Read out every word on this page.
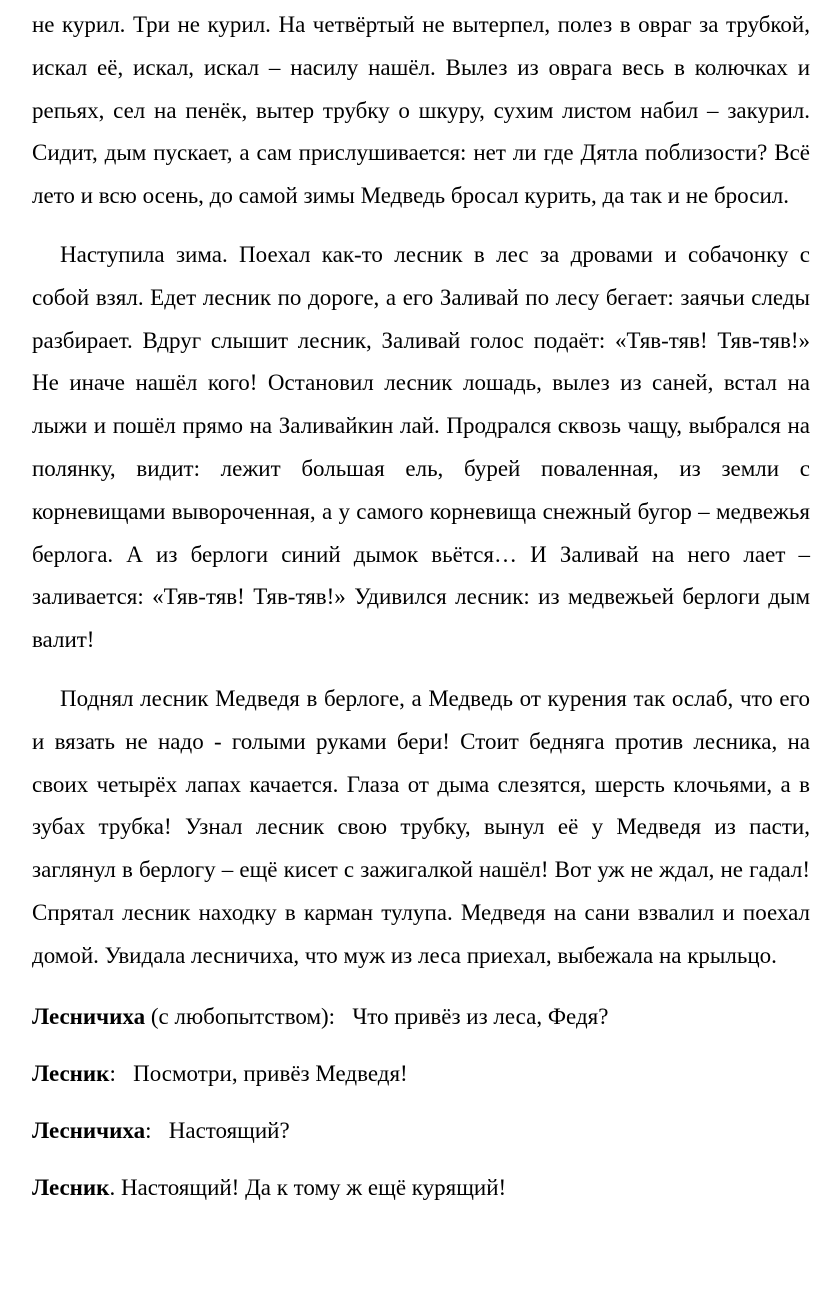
не курил. Три не курил. На четвёртый не вытерпел, полез в овраг за трубкой, искал её, искал, искал – насилу нашёл. Вылез из оврага весь в колючках и репьях, сел на пенёк, вытер трубку о шкуру, сухим листом набил – закурил. Сидит, дым пускает, а сам прислушивается: нет ли где Дятла поблизости? Всё лето и всю осень, до самой зимы Медведь бросал курить, да так и не бросил.

Наступила зима. Поехал как-то лесник в лес за дровами и собачонку с собой взял. Едет лесник по дороге, а его Заливай по лесу бегает: заячьи следы разбирает. Вдруг слышит лесник, Заливай голос подаёт: «Тяв-тяв! Тяв-тяв!» Не иначе нашёл кого! Остановил лесник лошадь, вылез из саней, встал на лыжи и пошёл прямо на Заливайкин лай. Продрался сквозь чащу, выбрался на полянку, видит: лежит большая ель, бурей поваленная, из земли с корневищами вывороченная, а у самого корневища снежный бугор – медвежья берлога. А из берлоги синий дымок вьётся… И Заливай на него лает – заливается: «Тяв-тяв! Тяв-тяв!» Удивился лесник: из медвежьей берлоги дым валит!

Поднял лесник Медведя в берлоге, а Медведь от курения так ослаб, что его и вязать не надо - голыми руками бери! Стоит бедняга против лесника, на своих четырёх лапах качается. Глаза от дыма слезятся, шерсть клочьями, а в зубах трубка! Узнал лесник свою трубку, вынул её у Медведя из пасти, заглянул в берлогу – ещё кисет с зажигалкой нашёл! Вот уж не ждал, не гадал! Спрятал лесник находку в карман тулупа. Медведя на сани взвалил и поехал домой. Увидала лесничиха, что муж из леса приехал, выбежала на крыльцо.

Лесничиха (с любопытством):   Что привёз из леса, Федя?

Лесник:   Посмотри, привёз Медведя!

Лесничиха:   Настоящий?

Лесник. Настоящий! Да к тому ж ещё курящий!
